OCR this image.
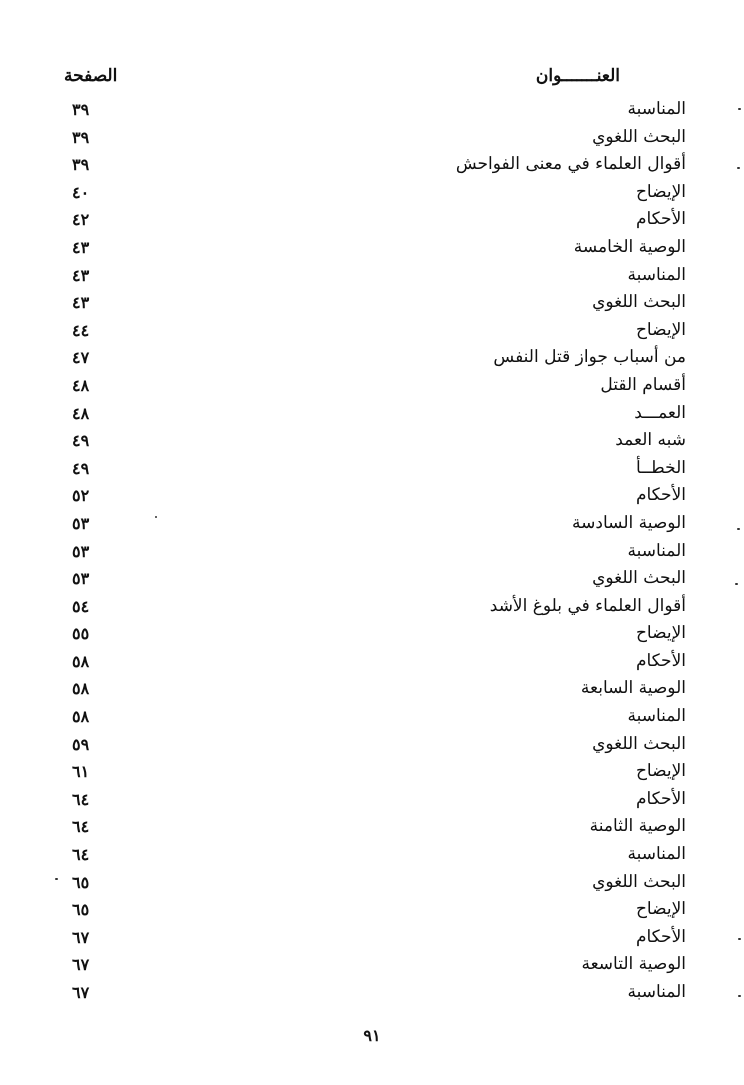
العنـــــــوان
الصفحة
المناسبة
٣٩
البحث اللغوي
٣٩
أقوال العلماء في معنى الفواحش
٣٩
الإيضاح
٤٠
الأحكام
٤٢
الوصية الخامسة
٤٣
المناسبة
٤٣
البحث اللغوي
٤٣
الإيضاح
٤٤
من أسباب جواز قتل النفس
٤٧
أقسام القتل
٤٨
العمـــد
٤٨
شبه العمد
٤٩
الخطــأ
٤٩
الأحكام
٥٢
الوصية السادسة
٥٣
المناسبة
٥٣
البحث اللغوي
٥٣
أقوال العلماء في بلوغ الأشد
٥٤
الإيضاح
٥٥
الأحكام
٥٨
الوصية السابعة
٥٨
المناسبة
٥٨
البحث اللغوي
٥٩
الإيضاح
٦١
الأحكام
٦٤
الوصية الثامنة
٦٤
المناسبة
٦٤
البحث اللغوي
٦٥
الإيضاح
٦٥
الأحكام
٦٧
الوصية التاسعة
٦٧
المناسبة
٦٧
٩١
